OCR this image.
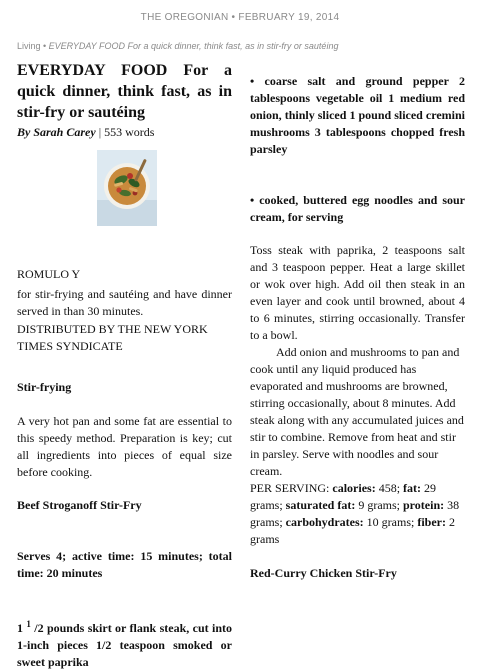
THE OREGONIAN • FEBRUARY 19, 2014
Living • EVERYDAY FOOD For a quick dinner, think fast, as in stir-fry or sautéing
EVERYDAY FOOD For a quick dinner, think fast, as in stir-fry or sautéing
By Sarah Carey | 553 words
ROMULO Y
for stir-frying and sautéing and have dinner served in than 30 minutes.
DISTRIBUTED BY THE NEW YORK TIMES SYNDICATE
Stir-frying
A very hot pan and some fat are essential to this speedy method. Preparation is key; cut all ingredients into pieces of equal size before cooking.
Beef Stroganoff Stir-Fry
Serves 4; active time: 15 minutes; total time: 20 minutes
1 $^1$ /2 pounds skirt or flank steak, cut into 1-inch pieces 1/2 teaspoon smoked or sweet paprika
• coarse salt and ground pepper 2 tablespoons vegetable oil 1 medium red onion, thinly sliced 1 pound sliced cremini mushrooms 3 tablespoons chopped fresh parsley
• cooked, buttered egg noodles and sour cream, for serving
Toss steak with paprika, 2 teaspoons salt and 3 teaspoon pepper. Heat a large skillet or wok over high. Add oil then steak in an even layer and cook until browned, about 4 to 6 minutes, stirring occasionally. Transfer to a bowl.
Add onion and mushrooms to pan and cook until any liquid produced has evaporated and mushrooms are browned, stirring occasionally, about 8 minutes. Add steak along with any accumulated juices and stir to combine. Remove from heat and stir in parsley. Serve with noodles and sour cream.
PER SERVING: calories: 458; fat: 29 grams; saturated fat: 9 grams; protein: 38 grams; carbohydrates: 10 grams; fiber: 2 grams
Red-Curry Chicken Stir-Fry
